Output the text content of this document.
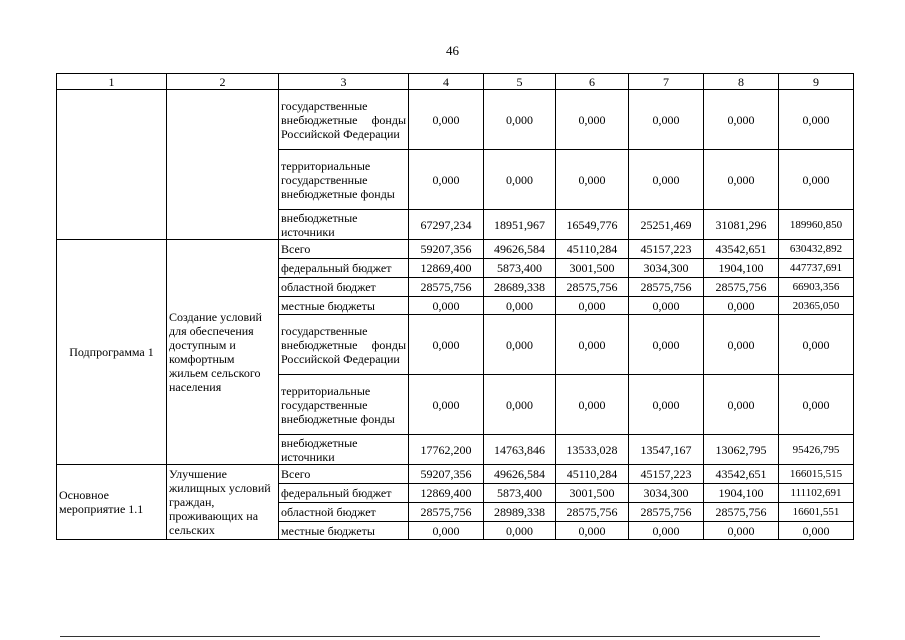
46
1	2	3	4	5	6	7	8	9
		государственные внебюджетные фонды Российской Федерации	0,000	0,000	0,000	0,000	0,000	0,000
		территориальные государственные внебюджетные фонды	0,000	0,000	0,000	0,000	0,000	0,000
		внебюджетные источники	67297,234	18951,967	16549,776	25251,469	31081,296	189960,850
Подпрограмма 1	Создание условий для обеспечения доступным и комфортным жильем сельского населения	Всего	59207,356	49626,584	45110,284	45157,223	43542,651	630432,892
		федеральный бюджет	12869,400	5873,400	3001,500	3034,300	1904,100	447737,691
		областной бюджет	28575,756	28689,338	28575,756	28575,756	28575,756	66903,356
		местные бюджеты	0,000	0,000	0,000	0,000	0,000	20365,050
		государственные внебюджетные фонды Российской Федерации	0,000	0,000	0,000	0,000	0,000	0,000
		территориальные государственные внебюджетные фонды	0,000	0,000	0,000	0,000	0,000	0,000
		внебюджетные источники	17762,200	14763,846	13533,028	13547,167	13062,795	95426,795
Основное мероприятие 1.1	Улучшение жилищных условий граждан, проживающих на сельских	Всего	59207,356	49626,584	45110,284	45157,223	43542,651	166015,515
		федеральный бюджет	12869,400	5873,400	3001,500	3034,300	1904,100	111102,691
		областной бюджет	28575,756	28989,338	28575,756	28575,756	28575,756	16601,551
		местные бюджеты	0,000	0,000	0,000	0,000	0,000	0,000
